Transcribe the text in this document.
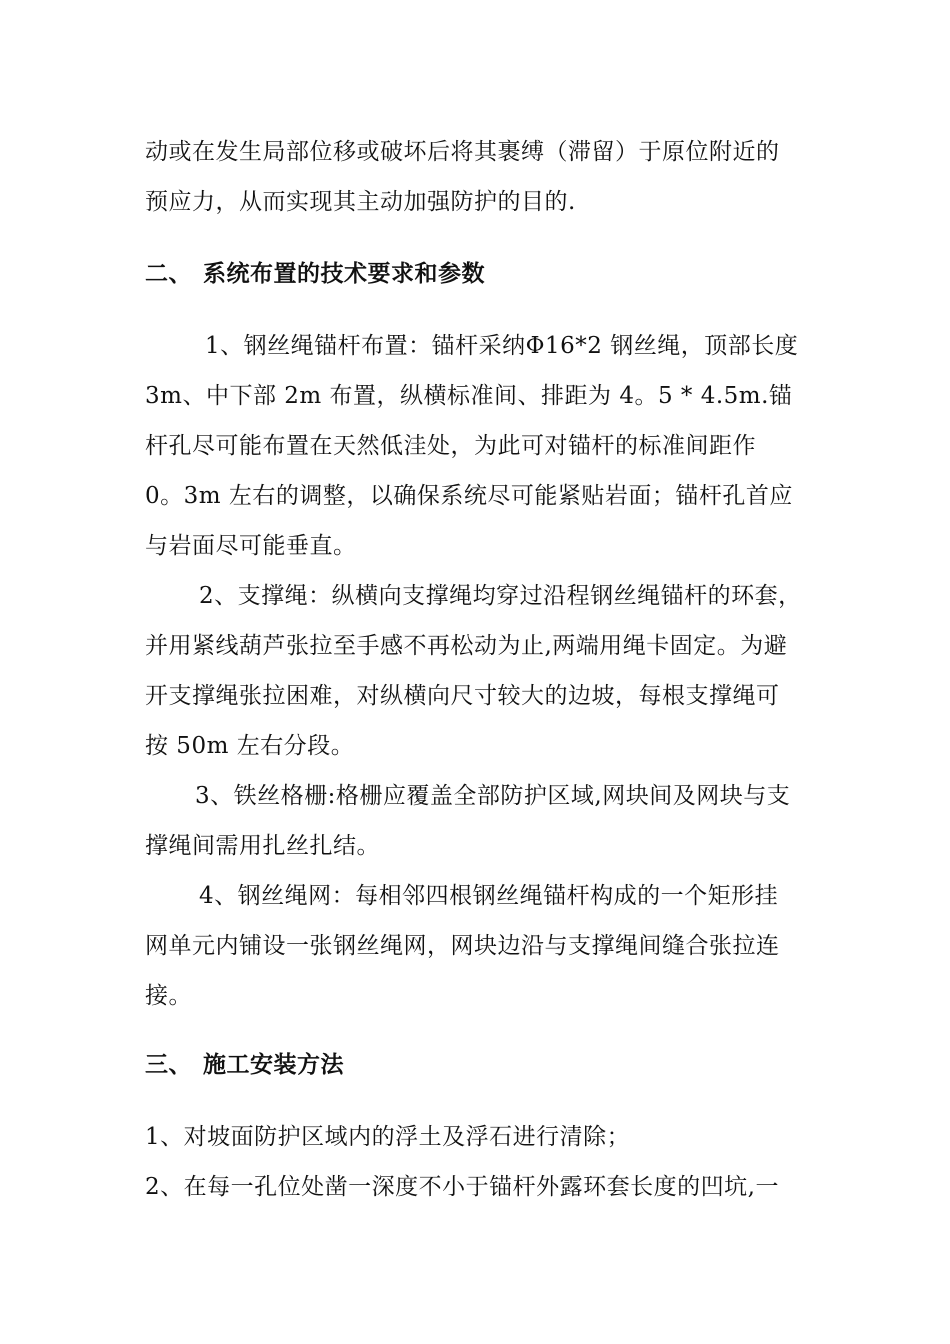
动或在发生局部位移或破坏后将其裹缚（滞留）于原位附近的
预应力，从而实现其主动加强防护的目的.
二、 系统布置的技术要求和参数
1、钢丝绳锚杆布置：锚杆采纳Φ16*2 钢丝绳，顶部长度
3m、中下部 2m 布置，纵横标准间、排距为 4。5 * 4.5m.锚
杆孔尽可能布置在天然低洼处，为此可对锚杆的标准间距作
0。3m 左右的调整，以确保系统尽可能紧贴岩面；锚杆孔首应
与岩面尽可能垂直。
2、支撑绳：纵横向支撑绳均穿过沿程钢丝绳锚杆的环套，
并用紧线葫芦张拉至手感不再松动为止,两端用绳卡固定。为避
开支撑绳张拉困难，对纵横向尺寸较大的边坡，每根支撑绳可
按 50m 左右分段。
3、铁丝格栅:格栅应覆盖全部防护区域,网块间及网块与支
撑绳间需用扎丝扎结。
4、钢丝绳网：每相邻四根钢丝绳锚杆构成的一个矩形挂
网单元内铺设一张钢丝绳网，网块边沿与支撑绳间缝合张拉连
接。
三、 施工安装方法
1、对坡面防护区域内的浮土及浮石进行清除；
2、在每一孔位处凿一深度不小于锚杆外露环套长度的凹坑,一
